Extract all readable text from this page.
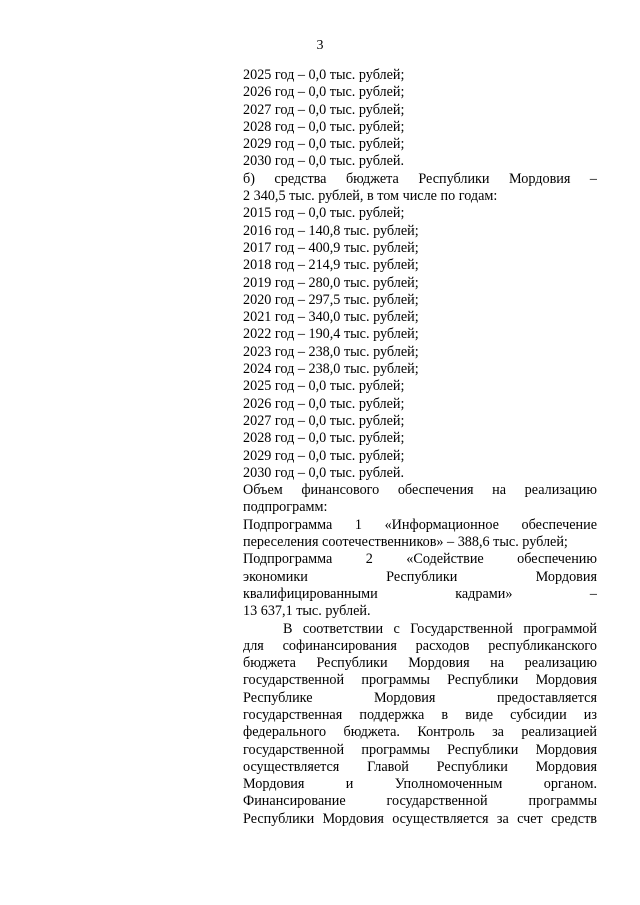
3
2025 год – 0,0 тыс. рублей;
2026 год – 0,0 тыс. рублей;
2027 год – 0,0 тыс. рублей;
2028 год – 0,0 тыс. рублей;
2029 год – 0,0 тыс. рублей;
2030 год – 0,0 тыс. рублей.
б) средства бюджета Республики Мордовия –
2 340,5 тыс. рублей, в том числе по годам:
2015 год – 0,0 тыс. рублей;
2016 год – 140,8 тыс. рублей;
2017 год – 400,9 тыс. рублей;
2018 год – 214,9 тыс. рублей;
2019 год – 280,0 тыс. рублей;
2020 год – 297,5 тыс. рублей;
2021 год – 340,0 тыс. рублей;
2022 год – 190,4 тыс. рублей;
2023 год – 238,0 тыс. рублей;
2024 год – 238,0 тыс. рублей;
2025 год – 0,0 тыс. рублей;
2026 год – 0,0 тыс. рублей;
2027 год – 0,0 тыс. рублей;
2028 год – 0,0 тыс. рублей;
2029 год – 0,0 тыс. рублей;
2030 год – 0,0 тыс. рублей.
Объем финансового обеспечения на реализацию
подпрограмм:
Подпрограмма 1 «Информационное обеспечение
переселения соотечественников» – 388,6 тыс. рублей;
Подпрограмма 2 «Содействие обеспечению
экономики Республики Мордовия
квалифицированными кадрами» –
13 637,1 тыс. рублей.
В соответствии с Государственной программой
для софинансирования расходов республиканского
бюджета Республики Мордовия на реализацию
государственной программы Республики Мордовия
Республике Мордовия предоставляется
государственная поддержка в виде субсидии из
федерального бюджета. Контроль за реализацией
государственной программы Республики Мордовия
осуществляется Главой Республики Мордовия
Мордовия и Уполномоченным органом.
Финансирование государственной программы
Республики Мордовия осуществляется за счет средств
